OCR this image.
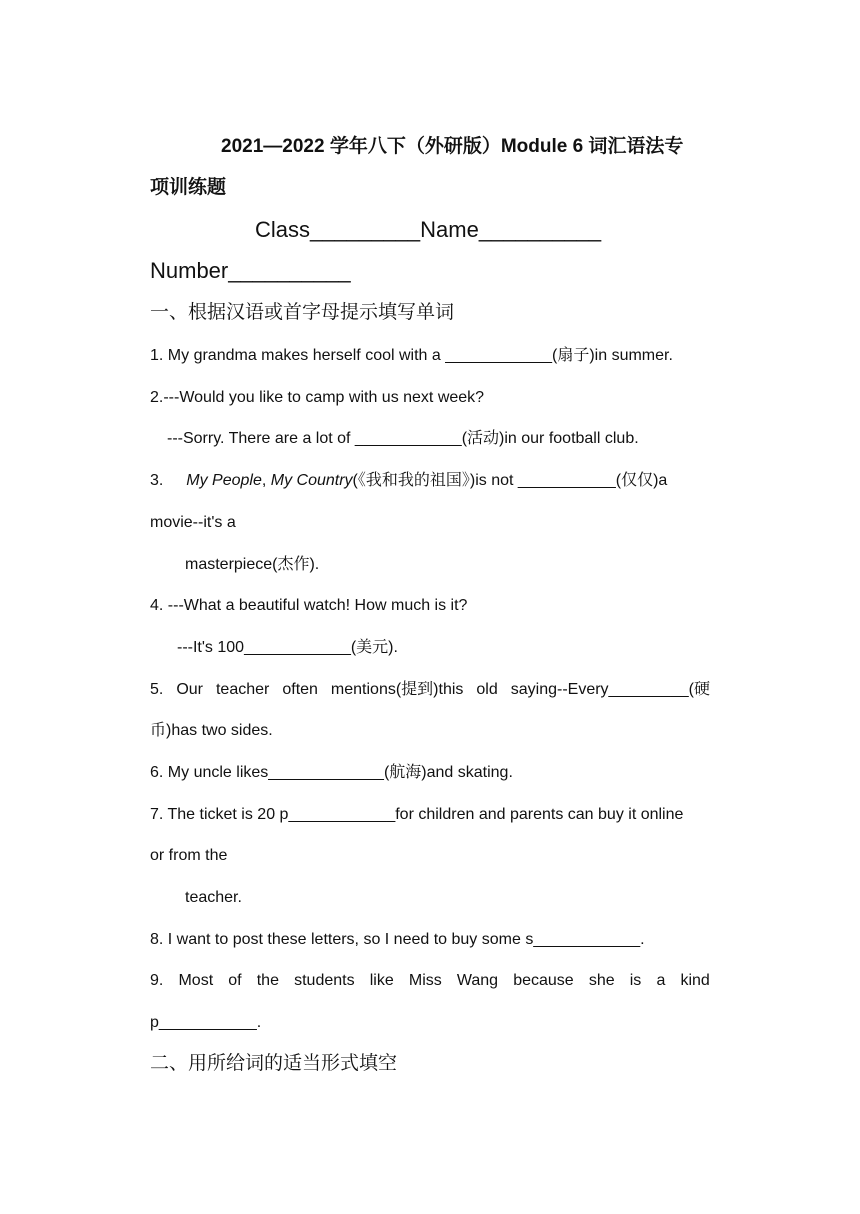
2021—2022 学年八下（外研版）Module 6 词汇语法专
项训练题
Class_________Name__________
Number__________
一、根据汉语或首字母提示填写单词
1. My grandma makes herself cool with a ____________(扇子)in summer.
2.---Would you like to camp with us next week?
---Sorry. There are a lot of ____________(活动)in our football club.
3. My People, My Country(《我和我的祖国》)is not ___________(仅仅)a
movie--it's a
masterpiece(杰作).
4. ---What a beautiful watch! How much is it?
---It's 100____________(美元).
5. Our teacher often mentions(提到)this old saying--Every_________(硬
币)has two sides.
6. My uncle likes_____________(航海)and skating.
7. The ticket is 20 p____________for children and parents can buy it online
or from the
teacher.
8. I want to post these letters, so I need to buy some s____________.
9. Most of the students like Miss Wang because she is a kind
p___________.
二、用所给词的适当形式填空
